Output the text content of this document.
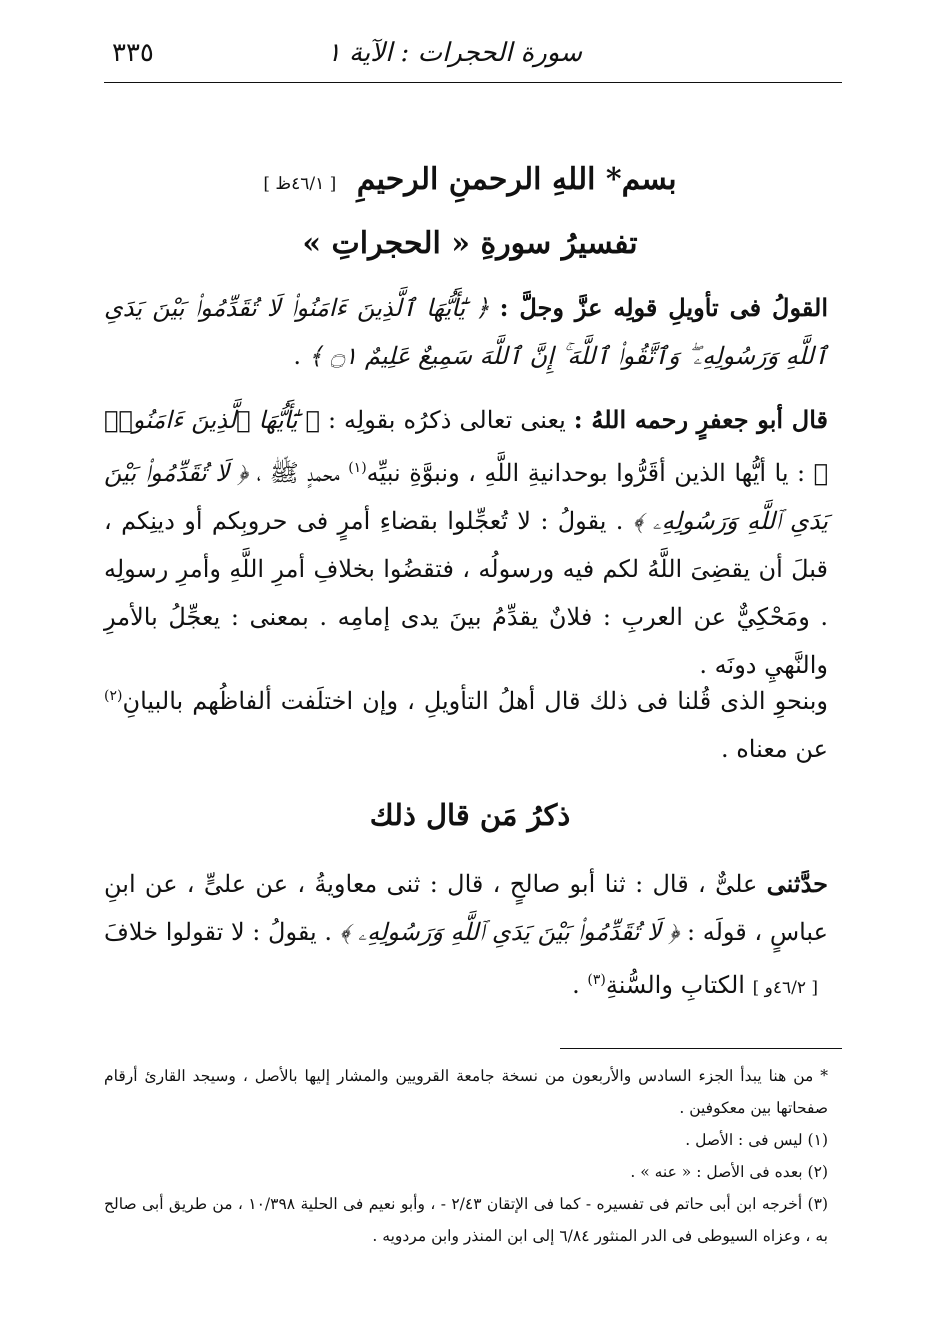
٣٣٥	سورة الحجرات : الآية ١
بسم* اللهِ الرحمنِ الرحيمِ [ ٤٦/١ظ ]
تفسيرُ سورةِ « الحجراتِ »
القولُ فى تأويلِ قولِه عزَّ وجلَّ : ﴿ يَٰٓأَيُّهَا ٱلَّذِينَ ءَامَنُوا۟ لَا تُقَدِّمُوا۟ بَيْنَ يَدَىِ ٱللَّهِ وَرَسُولِهِۦ ۖ وَٱتَّقُوا۟ ٱللَّهَ ۚ إِنَّ ٱللَّهَ سَمِيعٌ عَلِيمٌ ۝١ ﴾ .
قال أبو جعفرٍ رحمه اللهُ : يعنى تعالى ذكرُه بقولِه : ﴿ يَٰٓأَيُّهَا ٱلَّذِينَ ءَامَنُوا۟ ﴾ : يا أيُّها الذين أقَرُّوا بوحدانيةِ اللَّهِ ، ونبوَّةِ نبيِّه$^{(١)}$ محمدٍ ﷺ ، ﴿ لَا تُقَدِّمُوا۟ بَيْنَ يَدَىِ ٱللَّهِ وَرَسُولِهِۦ ﴾ . يقولُ : لا تُعجِّلوا بقضاءِ أمرٍ فى حروبِكم أو دينِكم ، قبلَ أن يقضِىَ اللَّهُ لكم فيه ورسولُه ، فتقضُوا بخلافِ أمرِ اللَّهِ وأمرِ رسولِه . ومَحْكِيٌّ عن العربِ : فلانٌ يقدِّمُ بينَ يدى إمامِه . بمعنى : يعجِّلُ بالأمرِ والنَّهيِ دونَه .
وبنحوِ الذى قُلنا فى ذلك قال أهلُ التأويلِ ، وإن اختلَفت ألفاظُهم بالبيانِ$^{(٢)}$ عن معناه .
ذكرُ مَن قال ذلك
حدَّثنى علىٌّ ، قال : ثنا أبو صالحٍ ، قال : ثنى معاويةُ ، عن علىٍّ ، عن ابنِ عباسٍ ، قولَه : ﴿ لَا تُقَدِّمُوا۟ بَيْنَ يَدَىِ ٱللَّهِ وَرَسُولِهِۦ ﴾ . يقولُ : لا تقولوا خلافَ [ ٤٦/٢و ] الكتابِ والسُّنةِ$^{(٣)}$ .
* من هنا يبدأ الجزء السادس والأربعون من نسخة جامعة القرويين والمشار إليها بالأصل ، وسيجد القارئ أرقام صفحاتها بين معكوفين .
(١) ليس فى : الأصل .
(٢) بعده فى الأصل : « عنه » .
(٣) أخرجه ابن أبى حاتم فى تفسيره - كما فى الإتقان ٢/٤٣ - ، وأبو نعيم فى الحلية ١٠/٣٩٨ ، من طريق أبى صالح به ، وعزاه السيوطى فى الدر المنثور ٦/٨٤ إلى ابن المنذر وابن مردويه .
